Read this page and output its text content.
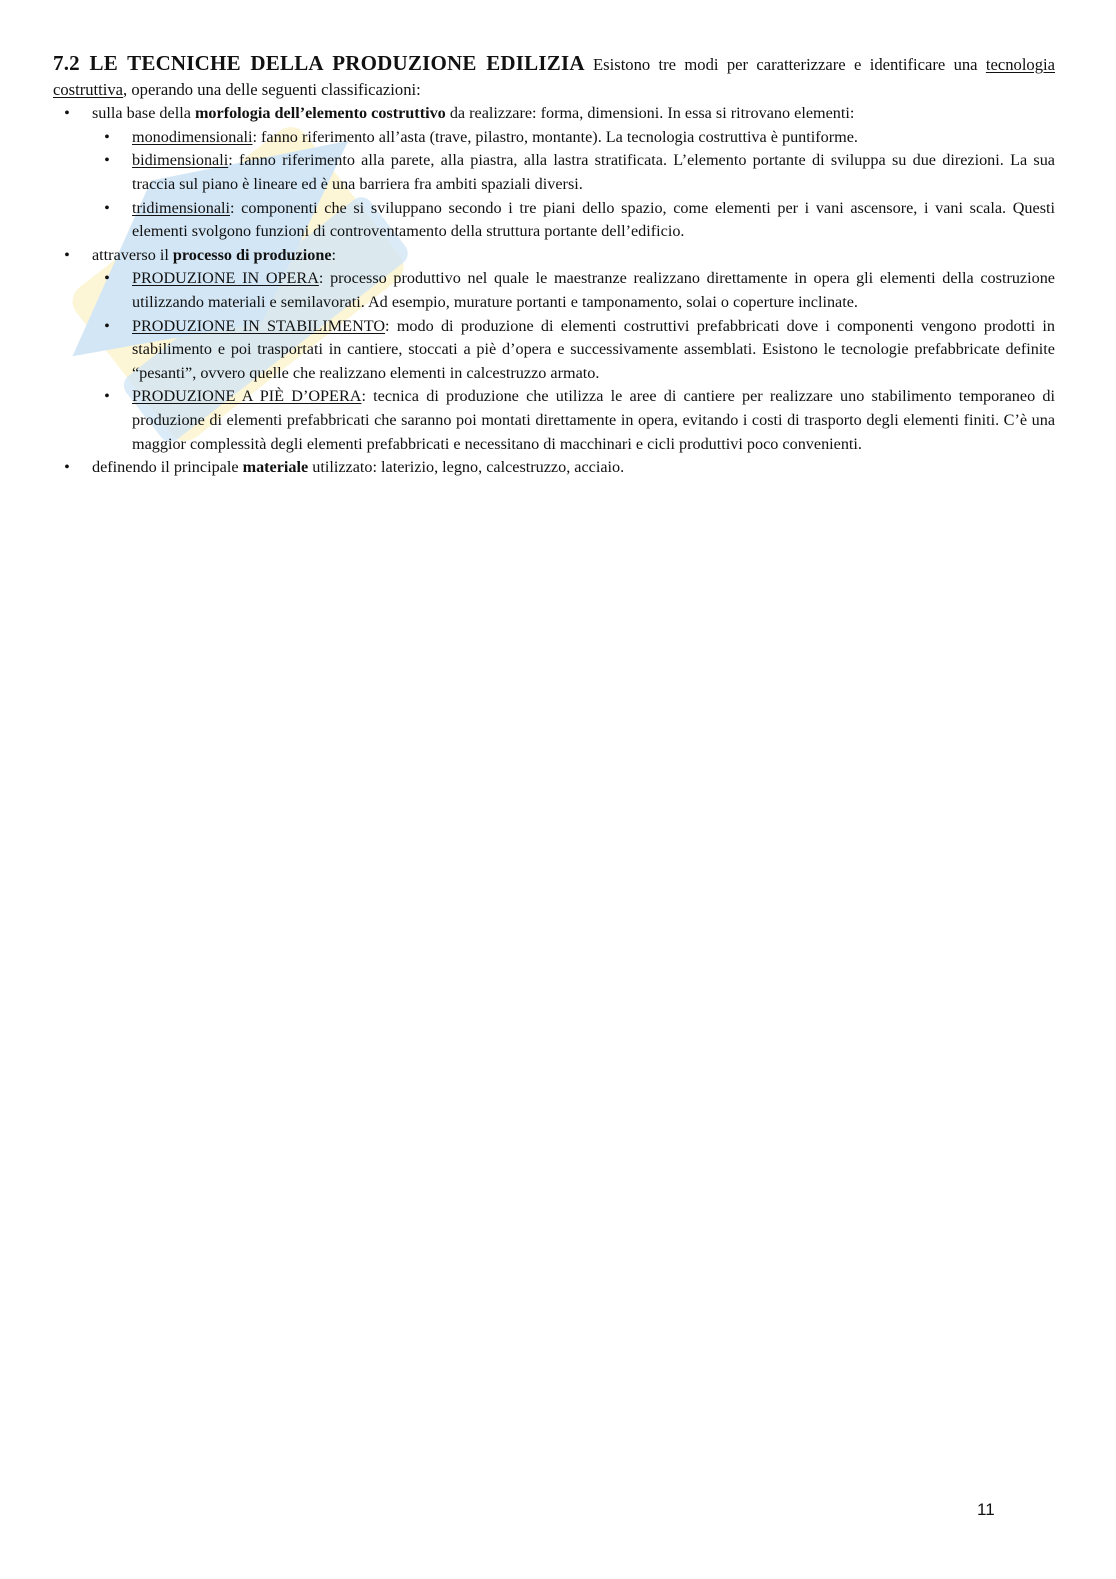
7.2 LE TECNICHE DELLA PRODUZIONE EDILIZIA Esistono tre modi per caratterizzare e identificare una tecnologia costruttiva, operando una delle seguenti classificazioni:

• sulla base della morfologia dell’elemento costruttivo da realizzare: forma, dimensioni. In essa si ritrovano elementi:
• monodimensionali: fanno riferimento all’asta (trave, pilastro, montante). La tecnologia costruttiva è puntiforme.
• bidimensionali: fanno riferimento alla parete, alla piastra, alla lastra stratificata. L’elemento portante di sviluppa su due direzioni. La sua traccia sul piano è lineare ed è una barriera fra ambiti spaziali diversi.
• tridimensionali: componenti che si sviluppano secondo i tre piani dello spazio, come elementi per i vani ascensore, i vani scala. Questi elementi svolgono funzioni di controventamento della struttura portante dell’edificio.
• attraverso il processo di produzione:
• PRODUZIONE IN OPERA: processo produttivo nel quale le maestranze realizzano direttamente in opera gli elementi della costruzione utilizzando materiali e semilavorati. Ad esempio, murature portanti e tamponamento, solai o coperture inclinate.
• PRODUZIONE IN STABILIMENTO: modo di produzione di elementi costruttivi prefabbricati dove i componenti vengono prodotti in stabilimento e poi trasportati in cantiere, stoccati a piè d’opera e successivamente assemblati. Esistono le tecnologie prefabbricate definite “pesanti”, ovvero quelle che realizzano elementi in calcestruzzo armato.
• PRODUZIONE A PIÈ D’OPERA: tecnica di produzione che utilizza le aree di cantiere per realizzare uno stabilimento temporaneo di produzione di elementi prefabbricati che saranno poi montati direttamente in opera, evitando i costi di trasporto degli elementi finiti. C’è una maggior complessità degli elementi prefabbricati e necessitano di macchinari e cicli produttivi poco convenienti.
• definendo il principale materiale utilizzato: laterizio, legno, calcestruzzo, acciaio.
11
